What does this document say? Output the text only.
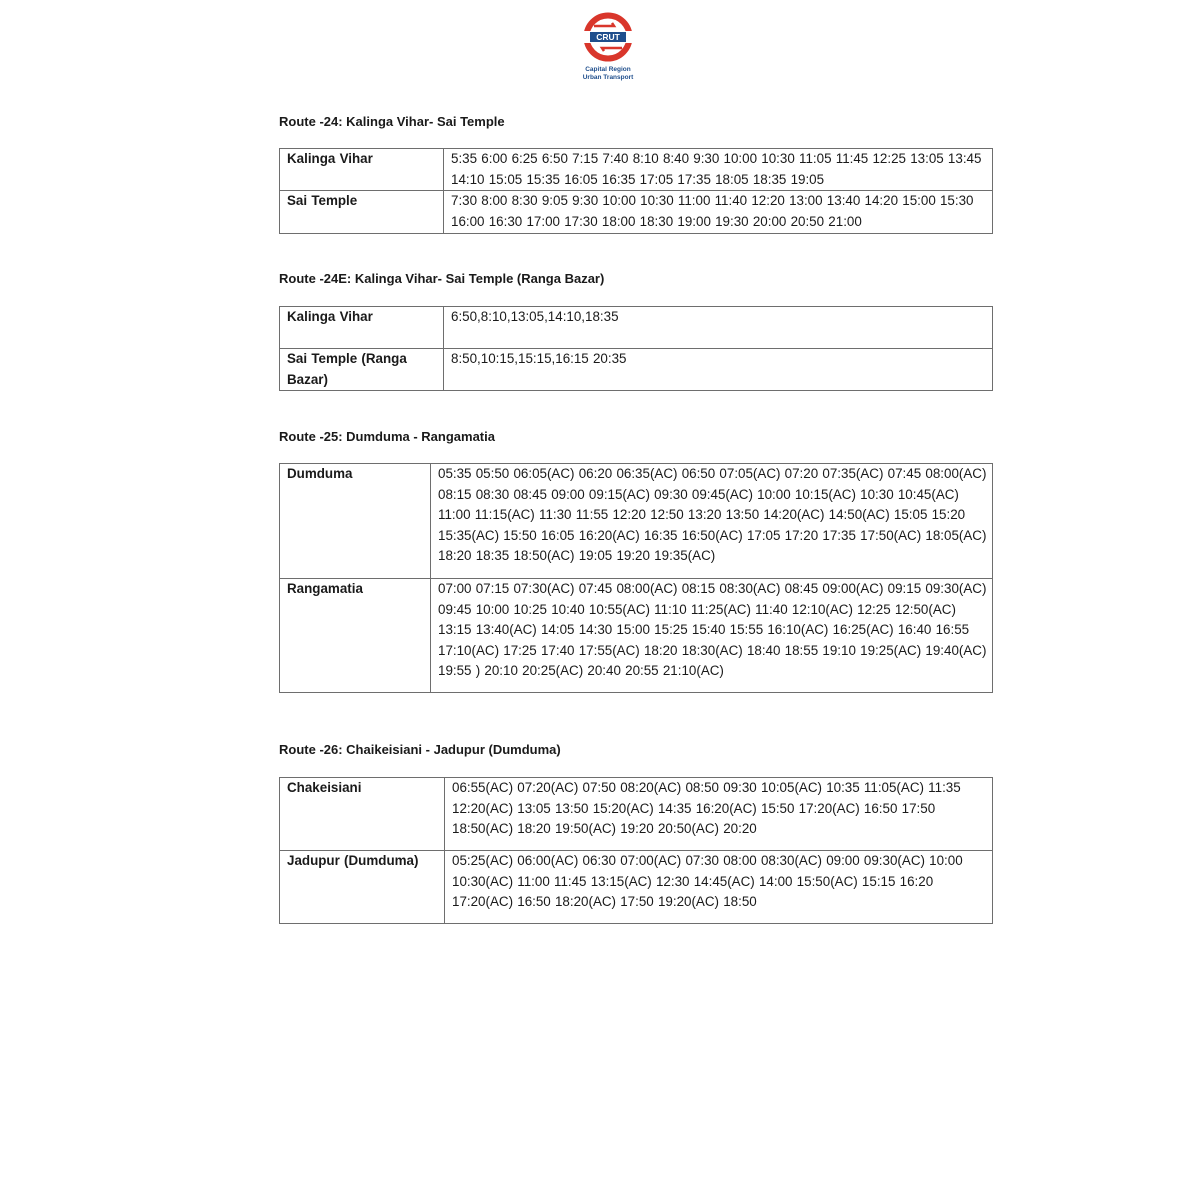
CRUT
Capital Region
Urban Transport
Route -24: Kalinga Vihar- Sai Temple
Kalinga Vihar	5:35 6:00 6:25 6:50 7:15 7:40 8:10 8:40 9:30 10:00 10:30 11:05 11:45 12:25 13:05 13:45 14:10 15:05 15:35 16:05 16:35 17:05 17:35 18:05 18:35 19:05
Sai Temple	7:30 8:00 8:30 9:05 9:30 10:00 10:30 11:00 11:40 12:20 13:00 13:40 14:20 15:00 15:30 16:00 16:30 17:00 17:30 18:00 18:30 19:00 19:30 20:00 20:50 21:00
Route -24E: Kalinga Vihar- Sai Temple (Ranga Bazar)
Kalinga Vihar	6:50,8:10,13:05,14:10,18:35
Sai Temple (Ranga Bazar)	8:50,10:15,15:15,16:15 20:35
Route -25: Dumduma - Rangamatia
Dumduma	05:35 05:50 06:05(AC) 06:20 06:35(AC) 06:50 07:05(AC) 07:20 07:35(AC) 07:45 08:00(AC) 08:15 08:30 08:45 09:00 09:15(AC) 09:30 09:45(AC) 10:00 10:15(AC) 10:30 10:45(AC) 11:00 11:15(AC) 11:30 11:55 12:20 12:50 13:20 13:50 14:20(AC) 14:50(AC) 15:05 15:20 15:35(AC) 15:50 16:05 16:20(AC) 16:35 16:50(AC) 17:05 17:20 17:35 17:50(AC) 18:05(AC) 18:20 18:35 18:50(AC) 19:05 19:20 19:35(AC)
Rangamatia	07:00 07:15 07:30(AC) 07:45 08:00(AC) 08:15 08:30(AC) 08:45 09:00(AC) 09:15 09:30(AC) 09:45 10:00 10:25 10:40 10:55(AC) 11:10 11:25(AC) 11:40 12:10(AC) 12:25 12:50(AC) 13:15 13:40(AC) 14:05 14:30 15:00 15:25 15:40 15:55 16:10(AC) 16:25(AC) 16:40 16:55 17:10(AC) 17:25 17:40 17:55(AC) 18:20 18:30(AC) 18:40 18:55 19:10 19:25(AC) 19:40(AC) 19:55 ) 20:10 20:25(AC) 20:40 20:55 21:10(AC)
Route -26: Chaikeisiani - Jadupur (Dumduma)
Chakeisiani	06:55(AC) 07:20(AC) 07:50 08:20(AC) 08:50 09:30 10:05(AC) 10:35 11:05(AC) 11:35 12:20(AC) 13:05 13:50 15:20(AC) 14:35 16:20(AC) 15:50 17:20(AC) 16:50 17:50 18:50(AC) 18:20 19:50(AC) 19:20 20:50(AC) 20:20
Jadupur (Dumduma)	05:25(AC) 06:00(AC) 06:30 07:00(AC) 07:30 08:00 08:30(AC) 09:00 09:30(AC) 10:00 10:30(AC) 11:00 11:45 13:15(AC) 12:30 14:45(AC) 14:00 15:50(AC) 15:15 16:20 17:20(AC) 16:50 18:20(AC) 17:50 19:20(AC) 18:50
